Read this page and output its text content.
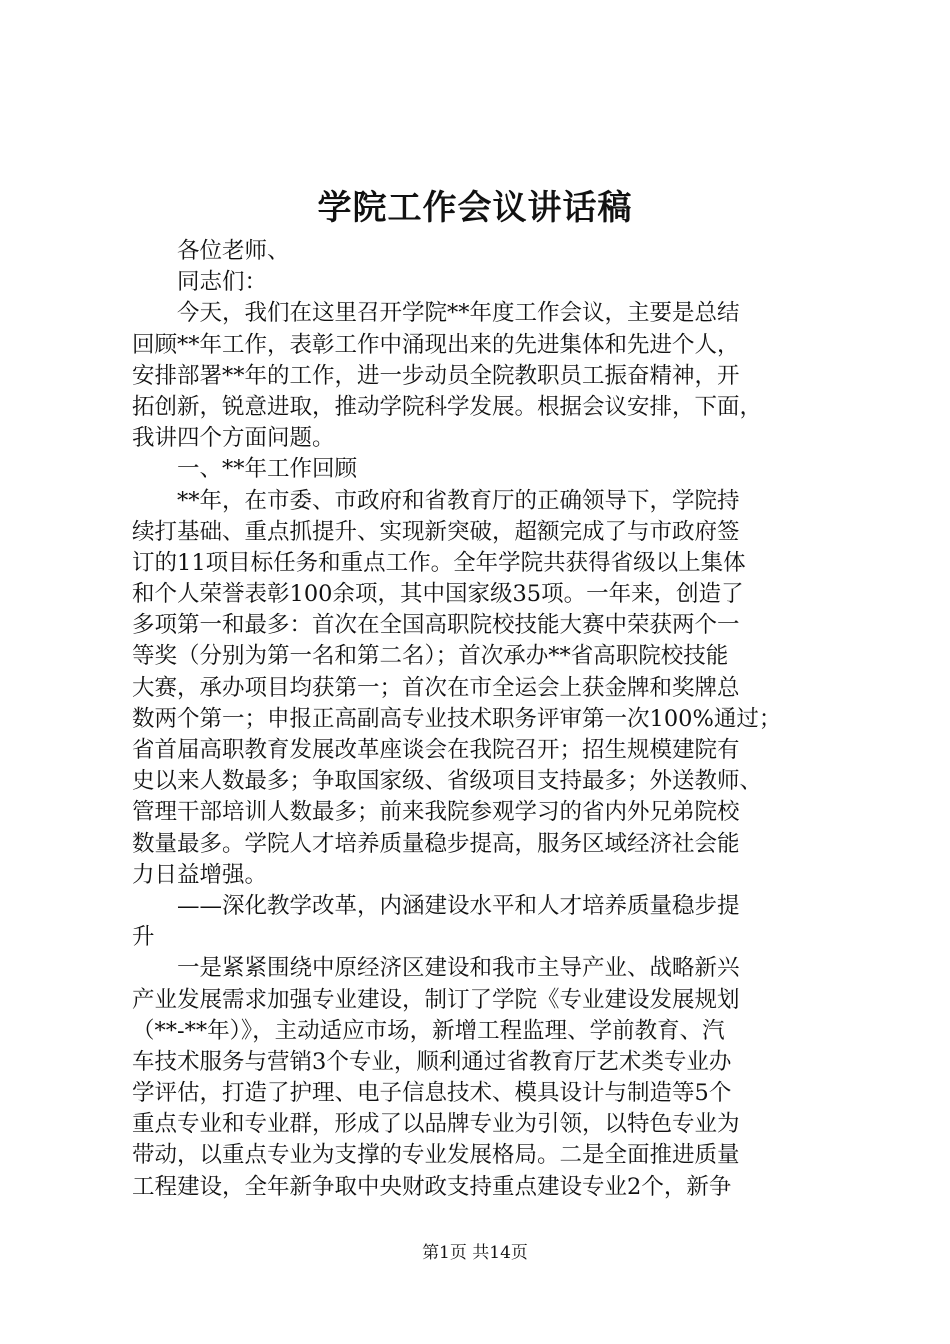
学院工作会议讲话稿
　　各位老师、
　　同志们：
　　今天，我们在这里召开学院**年度工作会议，主要是总结
回顾**年工作，表彰工作中涌现出来的先进集体和先进个人，
安排部署**年的工作，进一步动员全院教职员工振奋精神，开
拓创新，锐意进取，推动学院科学发展。根据会议安排，下面，
我讲四个方面问题。
　　一、**年工作回顾
　　**年，在市委、市政府和省教育厅的正确领导下，学院持
续打基础、重点抓提升、实现新突破，超额完成了与市政府签
订的11项目标任务和重点工作。全年学院共获得省级以上集体
和个人荣誉表彰100余项，其中国家级35项。一年来，创造了
多项第一和最多：首次在全国高职院校技能大赛中荣获两个一
等奖（分别为第一名和第二名）；首次承办**省高职院校技能
大赛，承办项目均获第一；首次在市全运会上获金牌和奖牌总
数两个第一；申报正高副高专业技术职务评审第一次100%通过；
省首届高职教育发展改革座谈会在我院召开；招生规模建院有
史以来人数最多；争取国家级、省级项目支持最多；外送教师、
管理干部培训人数最多；前来我院参观学习的省内外兄弟院校
数量最多。学院人才培养质量稳步提高，服务区域经济社会能
力日益增强。
　　——深化教学改革，内涵建设水平和人才培养质量稳步提
升
　　一是紧紧围绕中原经济区建设和我市主导产业、战略新兴
产业发展需求加强专业建设，制订了学院《专业建设发展规划
（**-**年）》，主动适应市场，新增工程监理、学前教育、汽
车技术服务与营销3个专业，顺利通过省教育厅艺术类专业办
学评估，打造了护理、电子信息技术、模具设计与制造等5个
重点专业和专业群，形成了以品牌专业为引领，以特色专业为
带动，以重点专业为支撑的专业发展格局。二是全面推进质量
工程建设，全年新争取中央财政支持重点建设专业2个，新争
第1页 共14页
